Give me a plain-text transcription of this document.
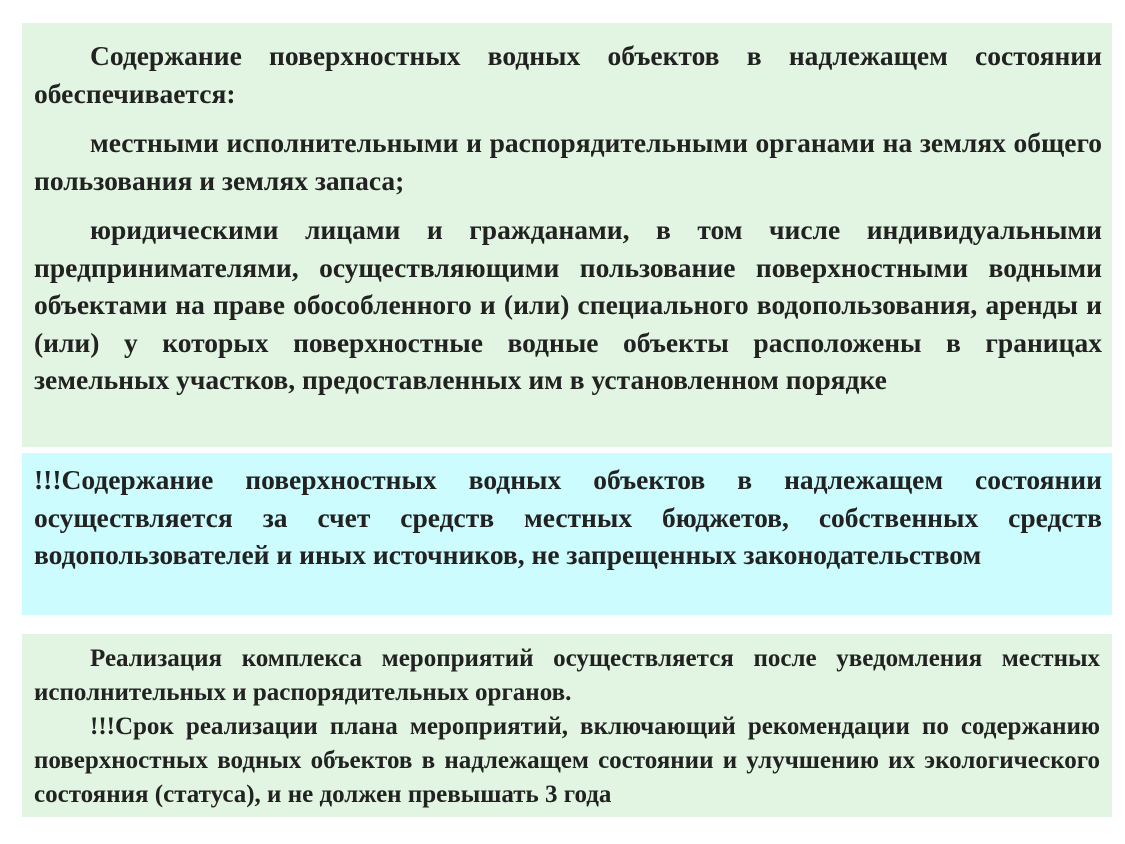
Содержание поверхностных водных объектов в надлежащем состоянии обеспечивается:

местными исполнительными и распорядительными органами на землях общего пользования и землях запаса;

юридическими лицами и гражданами, в том числе индивидуальными предпринимателями, осуществляющими пользование поверхностными водными объектами на праве обособленного и (или) специального водопользования, аренды и (или) у которых поверхностные водные объекты расположены в границах земельных участков, предоставленных им в установленном порядке

!!!Содержание поверхностных водных объектов в надлежащем состоянии осуществляется за счет средств местных бюджетов, собственных средств водопользователей и иных источников, не запрещенных законодательством

Реализация комплекса мероприятий осуществляется после уведомления местных исполнительных и распорядительных органов.

!!!Срок реализации плана мероприятий, включающий рекомендации по содержанию поверхностных водных объектов в надлежащем состоянии и улучшению их экологического состояния (статуса), и не должен превышать 3 года
